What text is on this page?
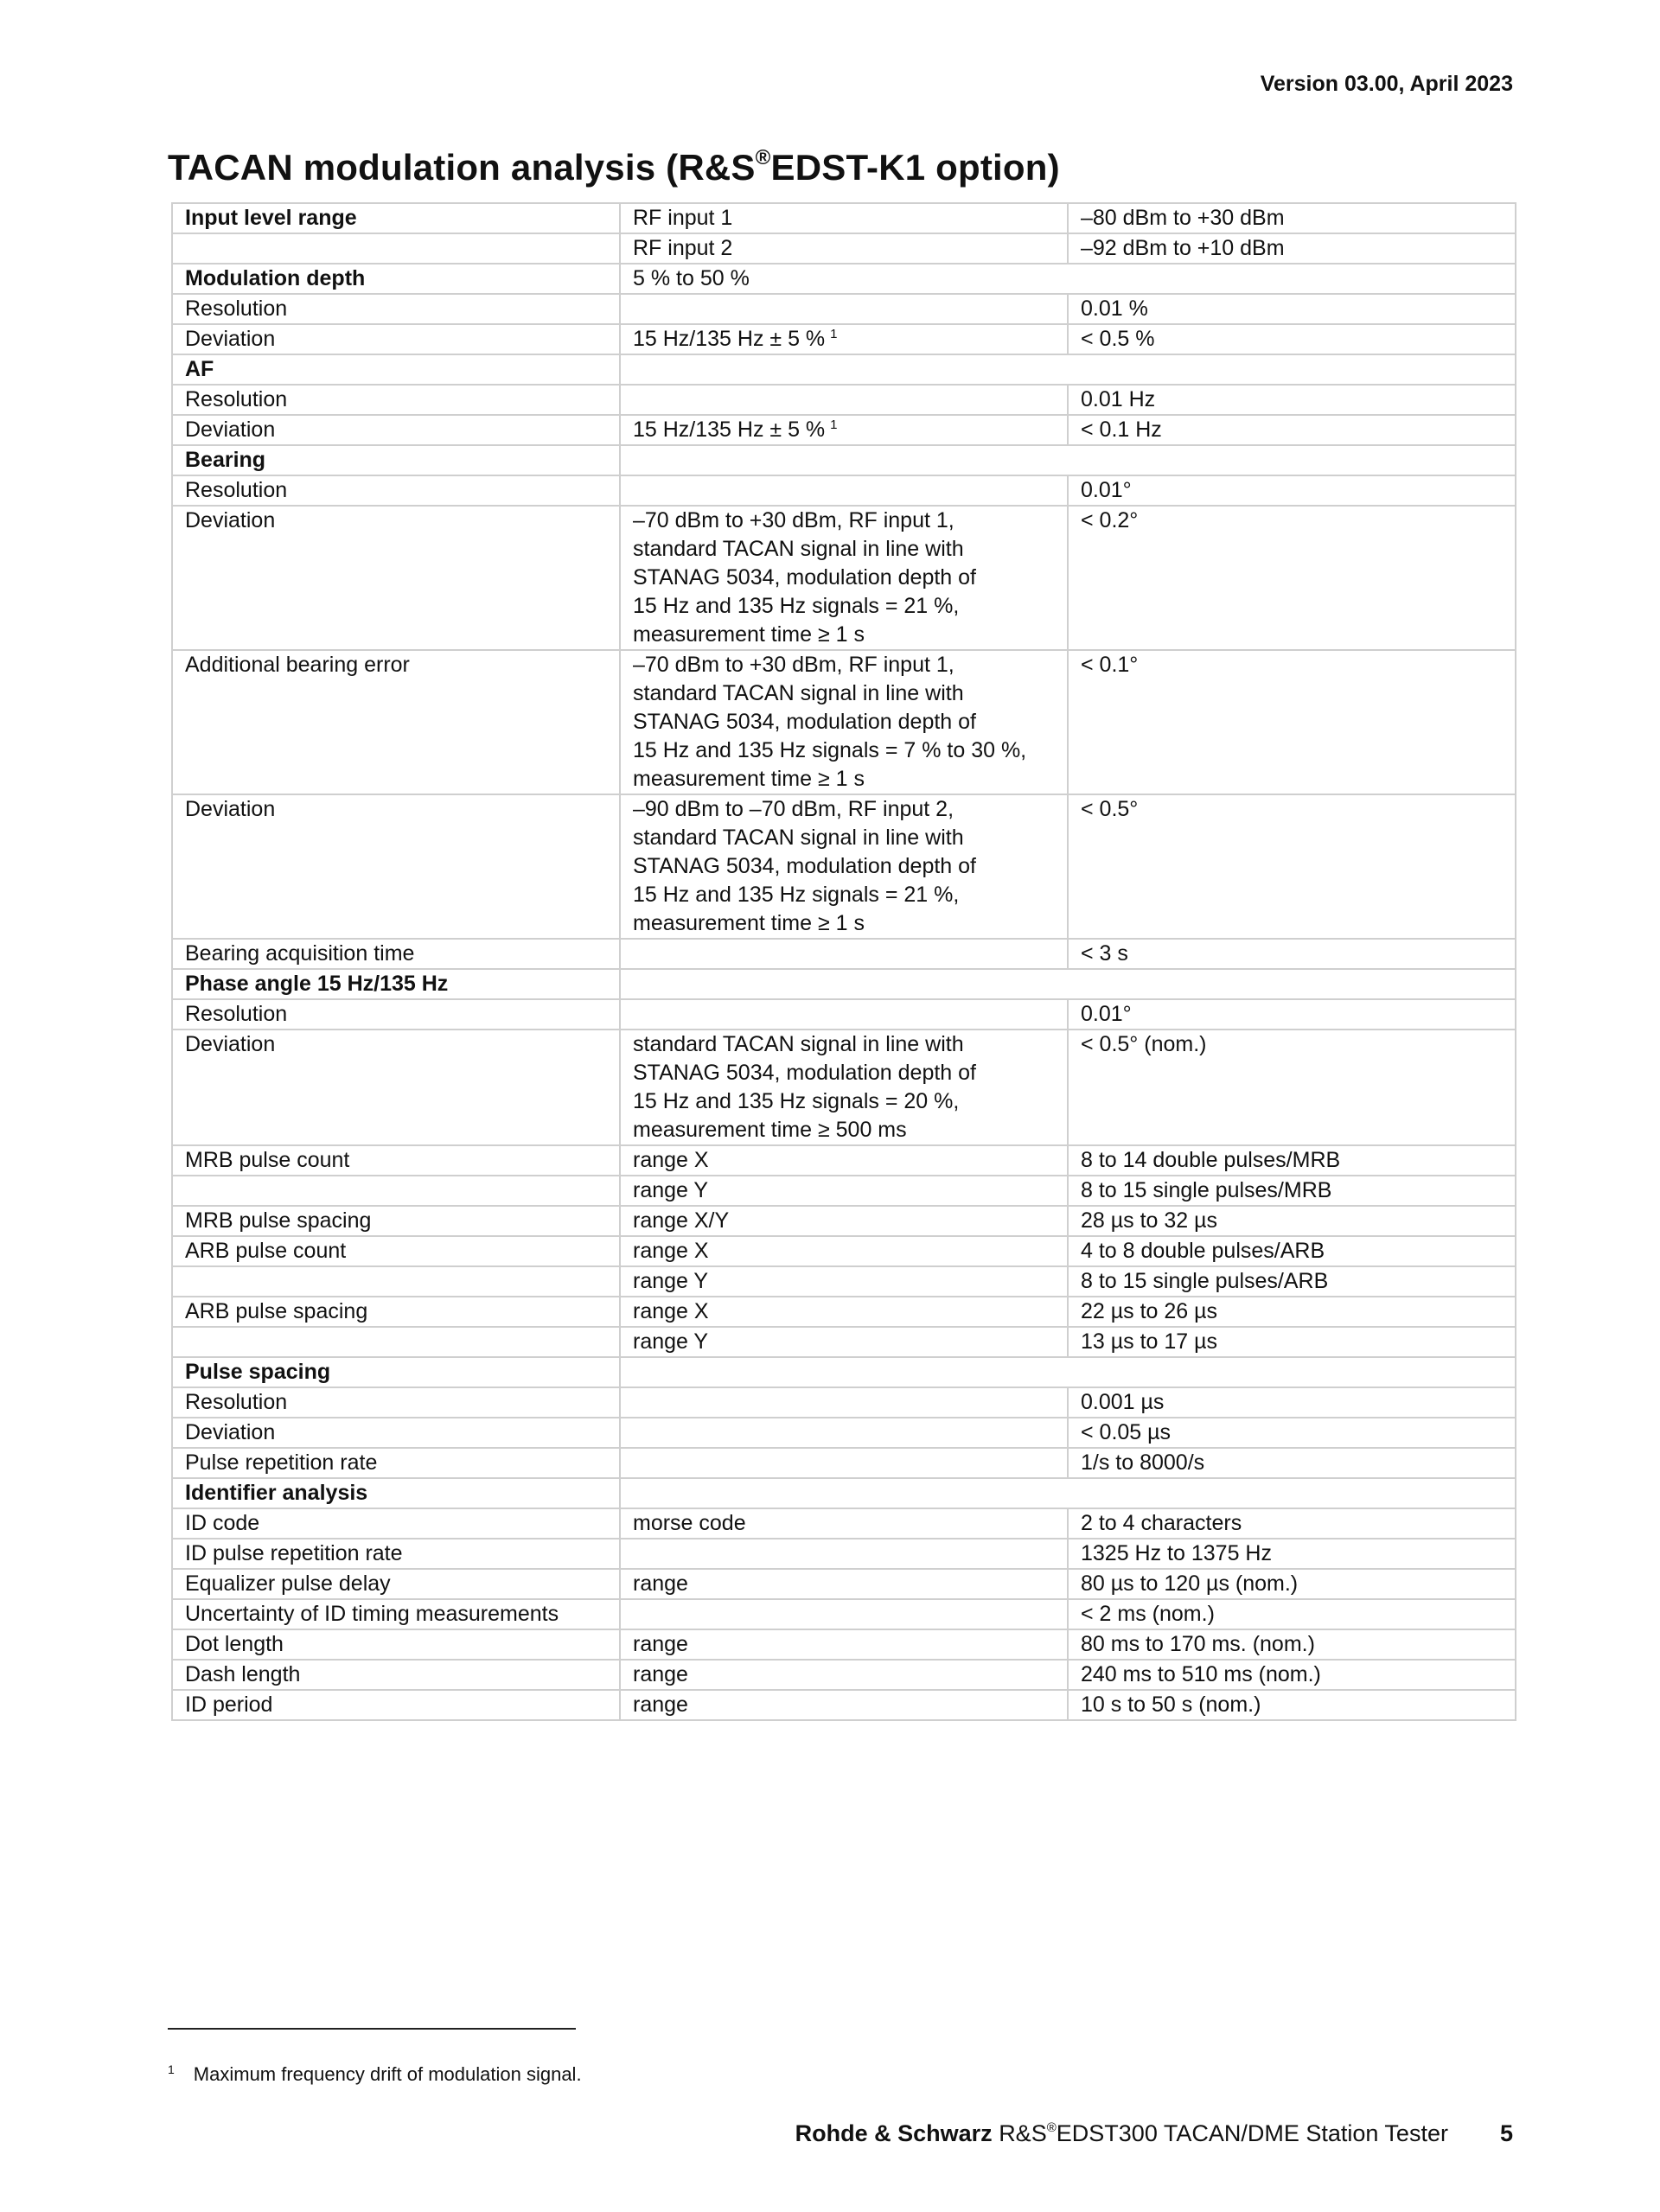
Version 03.00, April 2023
TACAN modulation analysis (R&S®EDST-K1 option)
Input level range	RF input 1	–80 dBm to +30 dBm
	RF input 2	–92 dBm to +10 dBm
Modulation depth	5 % to 50 %	
Resolution		0.01 %
Deviation	15 Hz/135 Hz ± 5 % $^1$	< 0.5 %
AF		
Resolution		0.01 Hz
Deviation	15 Hz/135 Hz ± 5 % $^1$	< 0.1 Hz
Bearing		
Resolution		0.01°
Deviation	–70 dBm to +30 dBm, RF input 1,
standard TACAN signal in line with
STANAG 5034, modulation depth of
15 Hz and 135 Hz signals = 21 %,
measurement time ≥ 1 s	< 0.2°
Additional bearing error	–70 dBm to +30 dBm, RF input 1,
standard TACAN signal in line with
STANAG 5034, modulation depth of
15 Hz and 135 Hz signals = 7 % to 30 %,
measurement time ≥ 1 s	< 0.1°
Deviation	–90 dBm to –70 dBm, RF input 2,
standard TACAN signal in line with
STANAG 5034, modulation depth of
15 Hz and 135 Hz signals = 21 %,
measurement time ≥ 1 s	< 0.5°
Bearing acquisition time		< 3 s
Phase angle 15 Hz/135 Hz		
Resolution		0.01°
Deviation	standard TACAN signal in line with
STANAG 5034, modulation depth of
15 Hz and 135 Hz signals = 20 %,
measurement time ≥ 500 ms	< 0.5° (nom.)
MRB pulse count	range X	8 to 14 double pulses/MRB
	range Y	8 to 15 single pulses/MRB
MRB pulse spacing	range X/Y	28 µs to 32 µs
ARB pulse count	range X	4 to 8 double pulses/ARB
	range Y	8 to 15 single pulses/ARB
ARB pulse spacing	range X	22 µs to 26 µs
	range Y	13 µs to 17 µs
Pulse spacing		
Resolution		0.001 µs
Deviation		< 0.05 µs
Pulse repetition rate		1/s to 8000/s
Identifier analysis		
ID code	morse code	2 to 4 characters
ID pulse repetition rate		1325 Hz to 1375 Hz
Equalizer pulse delay	range	80 µs to 120 µs (nom.)
Uncertainty of ID timing measurements		< 2 ms (nom.)
Dot length	range	80 ms to 170 ms. (nom.)
Dash length	range	240 ms to 510 ms (nom.)
ID period	range	10 s to 50 s (nom.)
$^1$ Maximum frequency drift of modulation signal.
Rohde & Schwarz R&S®EDST300 TACAN/DME Station Tester 5
